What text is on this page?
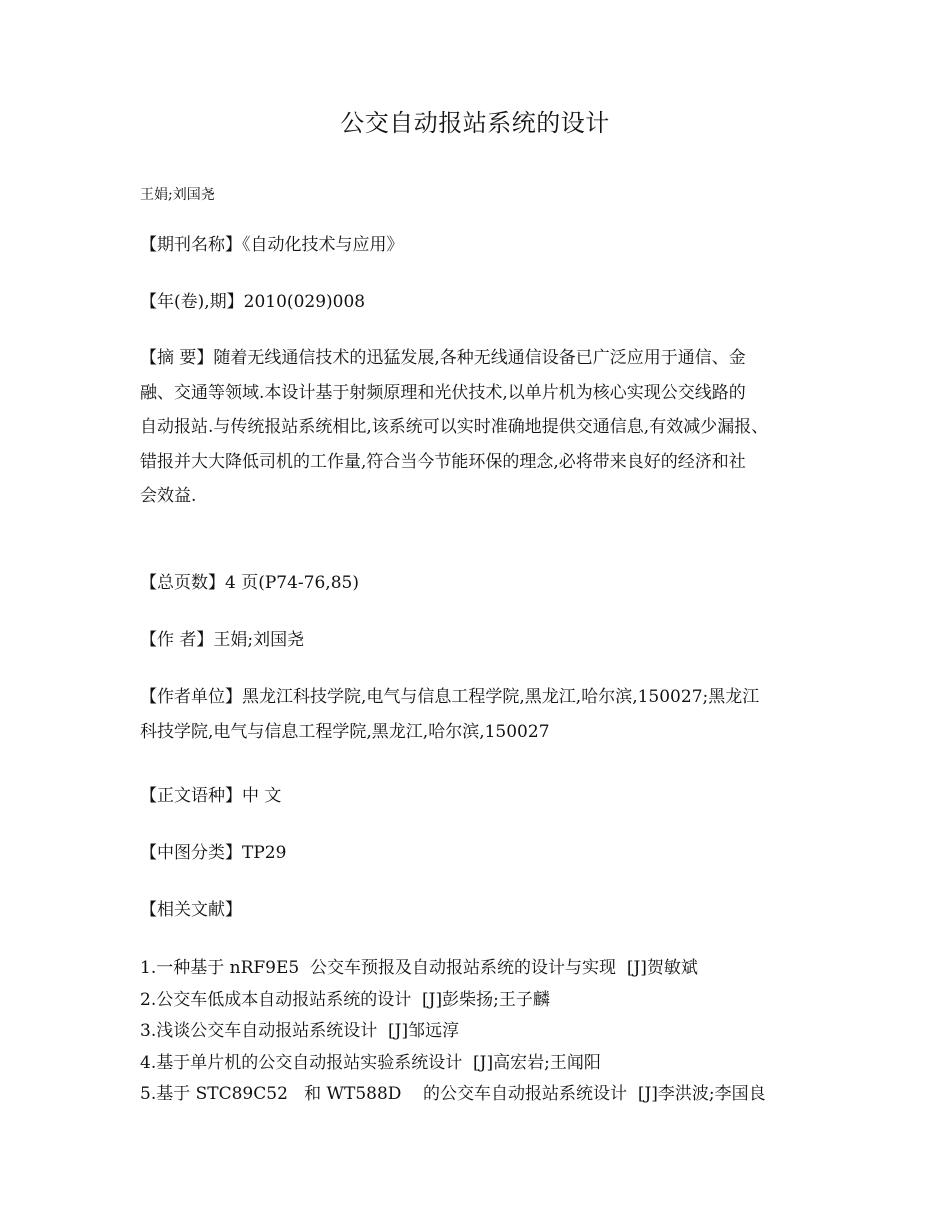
公交自动报站系统的设计
王娟;刘国尧
【期刊名称】《自动化技术与应用》
【年(卷),期】2010(029)008
【摘 要】随着无线通信技术的迅猛发展,各种无线通信设备已广泛应用于通信、金
融、交通等领域.本设计基于射频原理和光伏技术,以单片机为核心实现公交线路的
自动报站.与传统报站系统相比,该系统可以实时准确地提供交通信息,有效减少漏报、
错报并大大降低司机的工作量,符合当今节能环保的理念,必将带来良好的经济和社
会效益.
【总页数】4 页(P74-76,85)
【作 者】王娟;刘国尧
【作者单位】黑龙江科技学院,电气与信息工程学院,黑龙江,哈尔滨,150027;黑龙江
科技学院,电气与信息工程学院,黑龙江,哈尔滨,150027
【正文语种】中 文
【中图分类】TP29
【相关文献】
1.一种基于 nRF9E5  公交车预报及自动报站系统的设计与实现  [J]贺敏斌
2.公交车低成本自动报站系统的设计  [J]彭柴扬;王子麟
3.浅谈公交车自动报站系统设计  [J]邹远淳
4.基于单片机的公交自动报站实验系统设计  [J]高宏岩;王闻阳
5.基于 STC89C52   和 WT588D    的公交车自动报站系统设计  [J]李洪波;李国良
